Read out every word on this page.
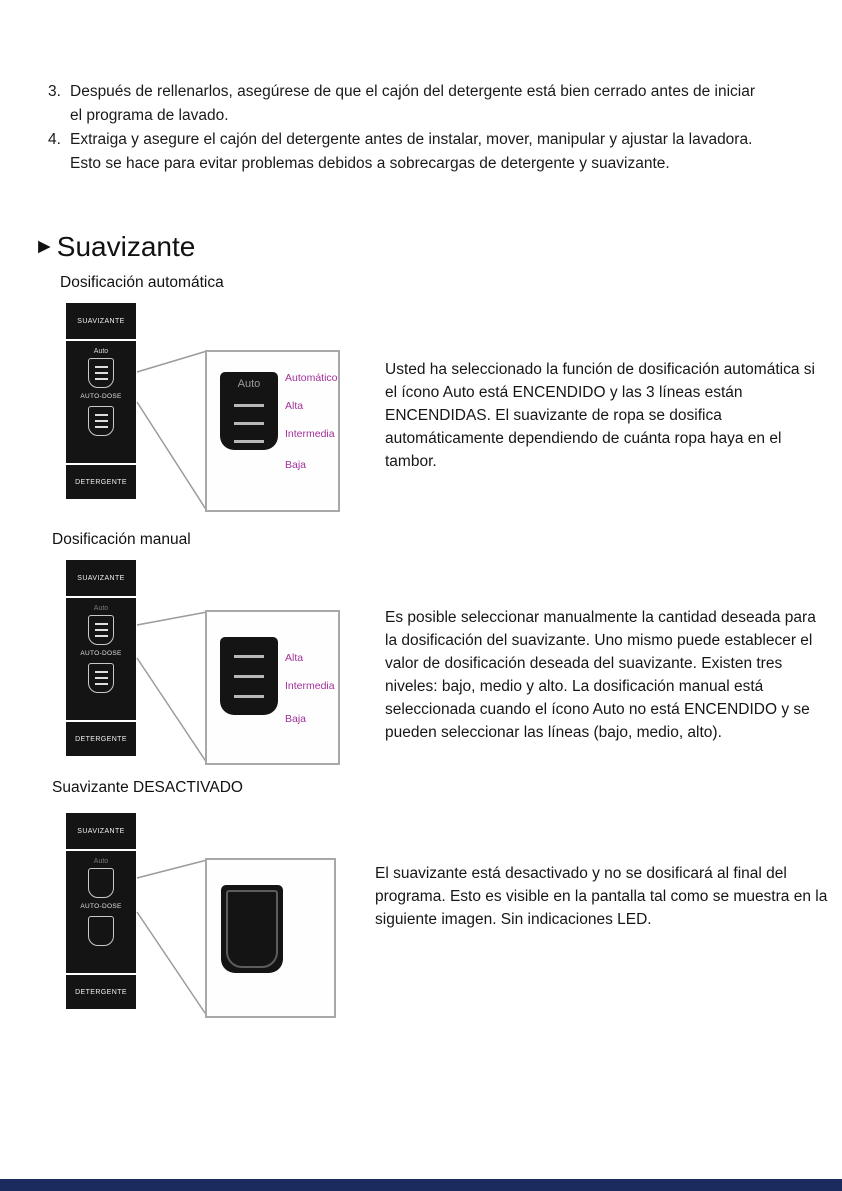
3. Después de rellenarlos, asegúrese de que el cajón del detergente está bien cerrado antes de iniciar el programa de lavado.
4. Extraiga y asegure el cajón del detergente antes de instalar, mover, manipular y ajustar la lavadora. Esto se hace para evitar problemas debidos a sobrecargas de detergente y suavizante.
►Suavizante
Dosificación automática
SUAVIZANTE
Auto
AUTO-DOSE
DETERGENTE
Auto	Automático
Alta
Intermedia
Baja
Usted ha seleccionado la función de dosificación automática si el ícono Auto está ENCENDIDO y las 3 líneas están ENCENDIDAS. El suavizante de ropa se dosifica automáticamente dependiendo de cuánta ropa haya en el tambor.
Dosificación manual
SUAVIZANTE
Auto
AUTO-DOSE
DETERGENTE
Alta
Intermedia
Baja
Es posible seleccionar manualmente la cantidad deseada para la dosificación del suavizante. Uno mismo puede establecer el valor de dosificación deseada del suavizante. Existen tres niveles: bajo, medio y alto. La dosificación manual está seleccionada cuando el ícono Auto no está ENCENDIDO y se pueden seleccionar las líneas (bajo, medio, alto).
Suavizante DESACTIVADO
SUAVIZANTE
Auto
AUTO-DOSE
DETERGENTE
El suavizante está desactivado y no se dosificará al final del programa. Esto es visible en la pantalla tal como se muestra en la siguiente imagen. Sin indicaciones LED.
